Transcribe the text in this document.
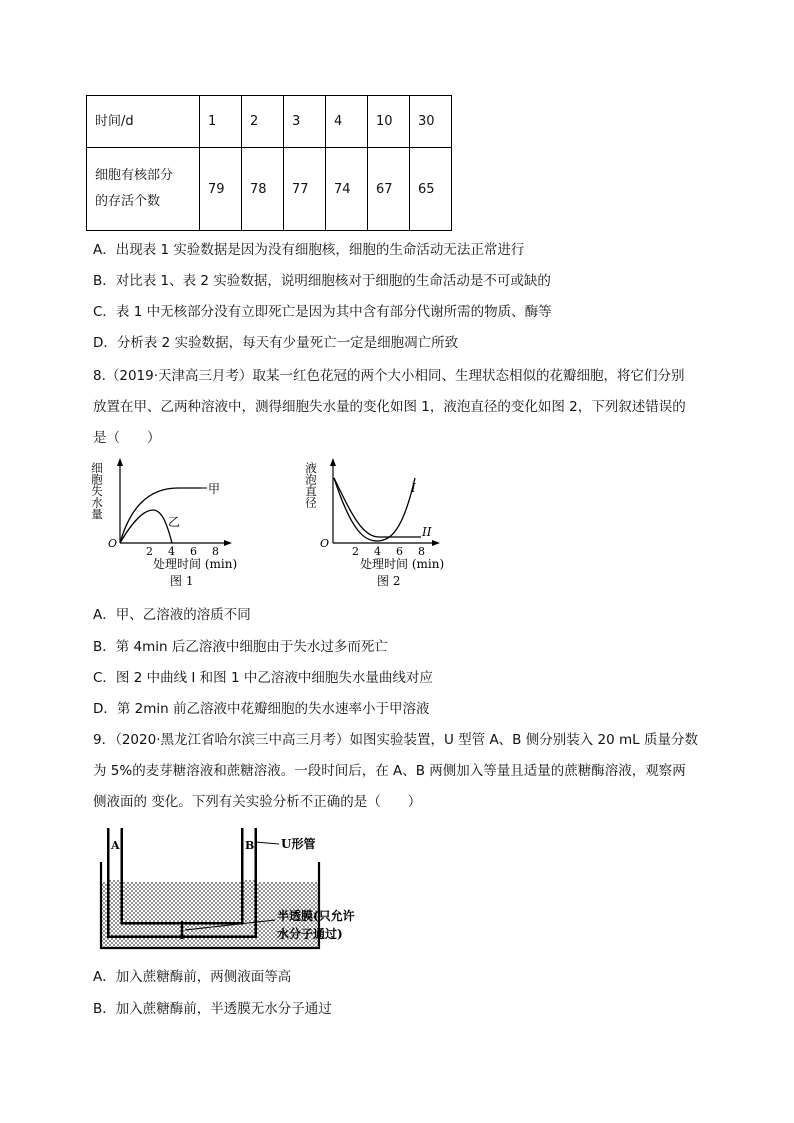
时间/d	1	2	3	4	10	30
细胞有核部分
的存活个数	79	78	77	74	67	65
A．出现表 1 实验数据是因为没有细胞核，细胞的生命活动无法正常进行
B．对比表 1、表 2 实验数据，说明细胞核对于细胞的生命活动是不可或缺的
C．表 1 中无核部分没有立即死亡是因为其中含有部分代谢所需的物质、酶等
D．分析表 2 实验数据，每天有少量死亡一定是细胞凋亡所致
8.（2019·天津高三月考）取某一红色花冠的两个大小相同、生理状态相似的花瓣细胞，将它们分别
放置在甲、乙两种溶液中，测得细胞失水量的变化如图 1，液泡直径的变化如图 2，下列叙述错误的
是（　　）
细胞失水量
O
2 4 6 8
甲
乙
处理时间 (min)
图 1
液泡直径
O
2 4 6 8
I
II
处理时间 (min)
图 2
A．甲、乙溶液的溶质不同
B．第 4min 后乙溶液中细胞由于失水过多而死亡
C．图 2 中曲线 I 和图 1 中乙溶液中细胞失水量曲线对应
D．第 2min 前乙溶液中花瓣细胞的失水速率小于甲溶液
9．（2020·黑龙江省哈尔滨三中高三月考）如图实验装置，U 型管 A、B 侧分别装入 20 mL 质量分数
为 5%的麦芽糖溶液和蔗糖溶液。一段时间后，在 A、B 两侧加入等量且适量的蔗糖酶溶液，观察两
侧液面的 变化。下列有关实验分析不正确的是（　　）
A	B U形管
半透膜(只允许
水分子通过)
A．加入蔗糖酶前，两侧液面等高
B．加入蔗糖酶前，半透膜无水分子通过
